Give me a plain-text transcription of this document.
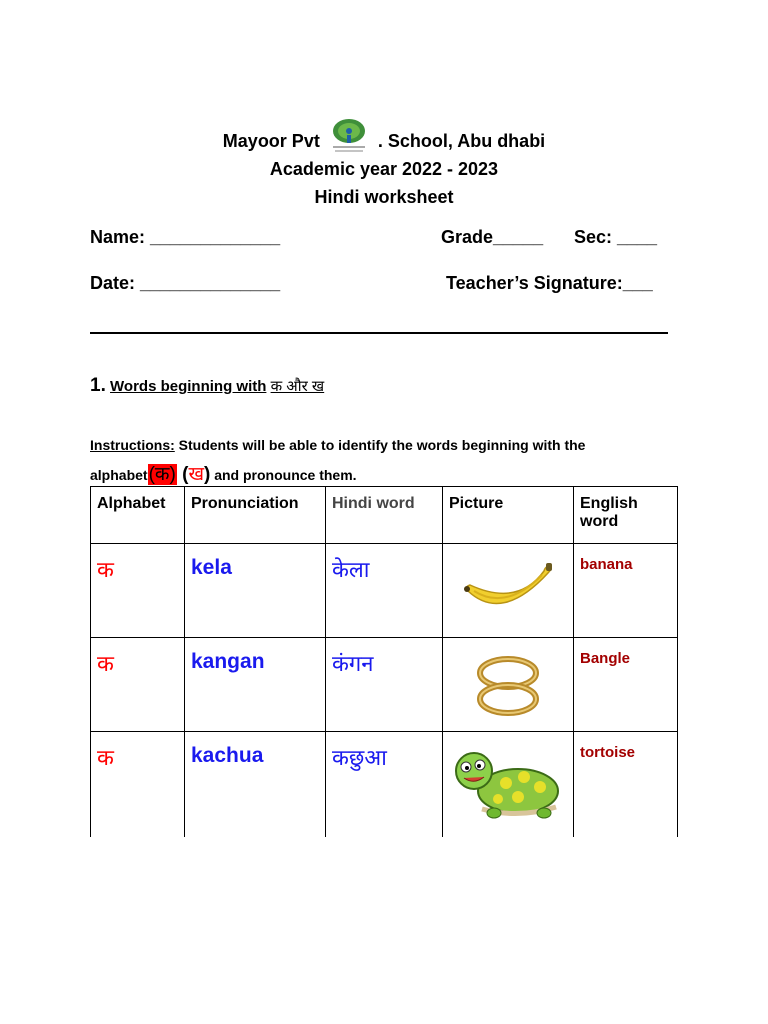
Mayoor Pvt	. School, Abu dhabi
Academic year 2022 - 2023
Hindi worksheet
Name: _____________	Grade_____ Sec: ____
Date: ______________	Teacher’s Signature:___
1. Words beginning with क और ख
Instructions: Students will be able to identify the words beginning with the
alphabet(क) (ख) and pronounce them.
Alphabet	Pronunciation	Hindi word	Picture	English word
क	kela	केला		banana
क	kangan	कंगन		Bangle
क	kachua	कछुआ		tortoise
